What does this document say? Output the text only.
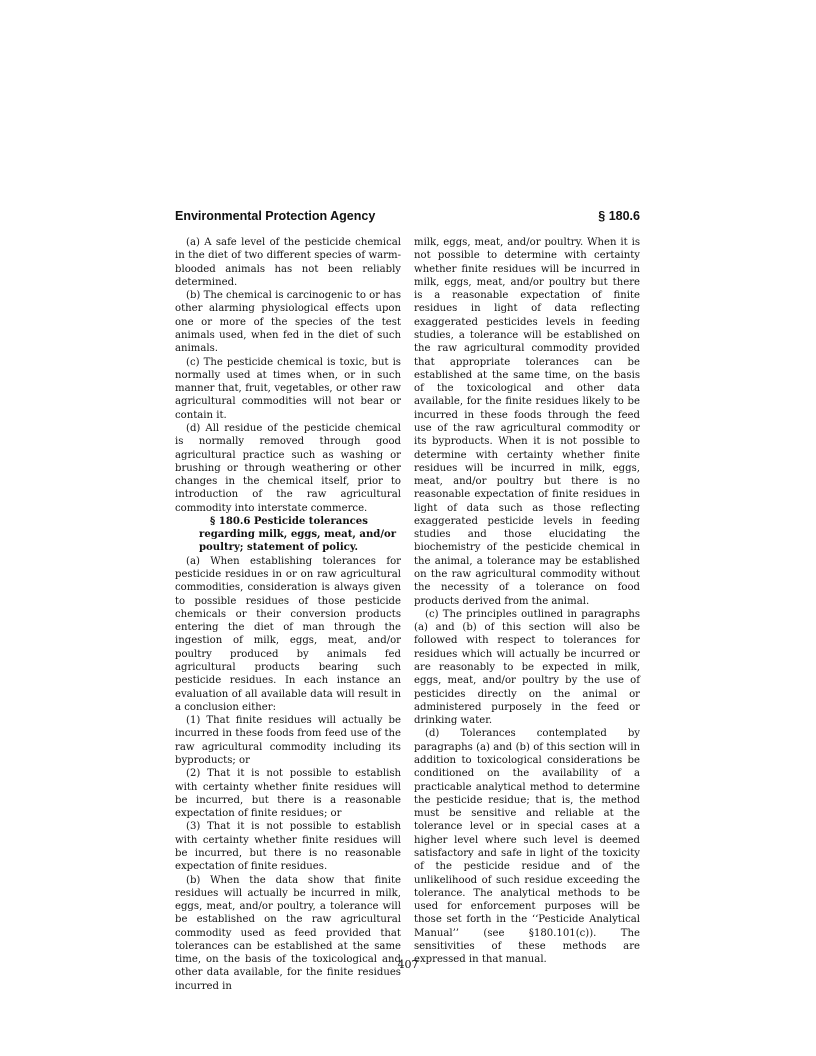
Environmental Protection Agency	§ 180.6

(a) A safe level of the pesticide chemical in the diet of two different species of warm-blooded animals has not been reliably determined.

(b) The chemical is carcinogenic to or has other alarming physiological effects upon one or more of the species of the test animals used, when fed in the diet of such animals.

(c) The pesticide chemical is toxic, but is normally used at times when, or in such manner that, fruit, vegetables, or other raw agricultural commodities will not bear or contain it.

(d) All residue of the pesticide chemical is normally removed through good agricultural practice such as washing or brushing or through weathering or other changes in the chemical itself, prior to introduction of the raw agricultural commodity into interstate commerce.

§ 180.6 Pesticide tolerances regarding milk, eggs, meat, and/or poultry; statement of policy.

(a) When establishing tolerances for pesticide residues in or on raw agricultural commodities, consideration is always given to possible residues of those pesticide chemicals or their conversion products entering the diet of man through the ingestion of milk, eggs, meat, and/or poultry produced by animals fed agricultural products bearing such pesticide residues. In each instance an evaluation of all available data will result in a conclusion either:

(1) That finite residues will actually be incurred in these foods from feed use of the raw agricultural commodity including its byproducts; or

(2) That it is not possible to establish with certainty whether finite residues will be incurred, but there is a reasonable expectation of finite residues; or

(3) That it is not possible to establish with certainty whether finite residues will be incurred, but there is no reasonable expectation of finite residues.

(b) When the data show that finite residues will actually be incurred in milk, eggs, meat, and/or poultry, a tolerance will be established on the raw agricultural commodity used as feed provided that tolerances can be established at the same time, on the basis of the toxicological and other data available, for the finite residues incurred in

milk, eggs, meat, and/or poultry. When it is not possible to determine with certainty whether finite residues will be incurred in milk, eggs, meat, and/or poultry but there is a reasonable expectation of finite residues in light of data reflecting exaggerated pesticides levels in feeding studies, a tolerance will be established on the raw agricultural commodity provided that appropriate tolerances can be established at the same time, on the basis of the toxicological and other data available, for the finite residues likely to be incurred in these foods through the feed use of the raw agricultural commodity or its byproducts. When it is not possible to determine with certainty whether finite residues will be incurred in milk, eggs, meat, and/or poultry but there is no reasonable expectation of finite residues in light of data such as those reflecting exaggerated pesticide levels in feeding studies and those elucidating the biochemistry of the pesticide chemical in the animal, a tolerance may be established on the raw agricultural commodity without the necessity of a tolerance on food products derived from the animal.

(c) The principles outlined in paragraphs (a) and (b) of this section will also be followed with respect to tolerances for residues which will actually be incurred or are reasonably to be expected in milk, eggs, meat, and/or poultry by the use of pesticides directly on the animal or administered purposely in the feed or drinking water.

(d) Tolerances contemplated by paragraphs (a) and (b) of this section will in addition to toxicological considerations be conditioned on the availability of a practicable analytical method to determine the pesticide residue; that is, the method must be sensitive and reliable at the tolerance level or in special cases at a higher level where such level is deemed satisfactory and safe in light of the toxicity of the pesticide residue and of the unlikelihood of such residue exceeding the tolerance. The analytical methods to be used for enforcement purposes will be those set forth in the ‘‘Pesticide Analytical Manual’’ (see §180.101(c)). The sensitivities of these methods are expressed in that manual.

407
